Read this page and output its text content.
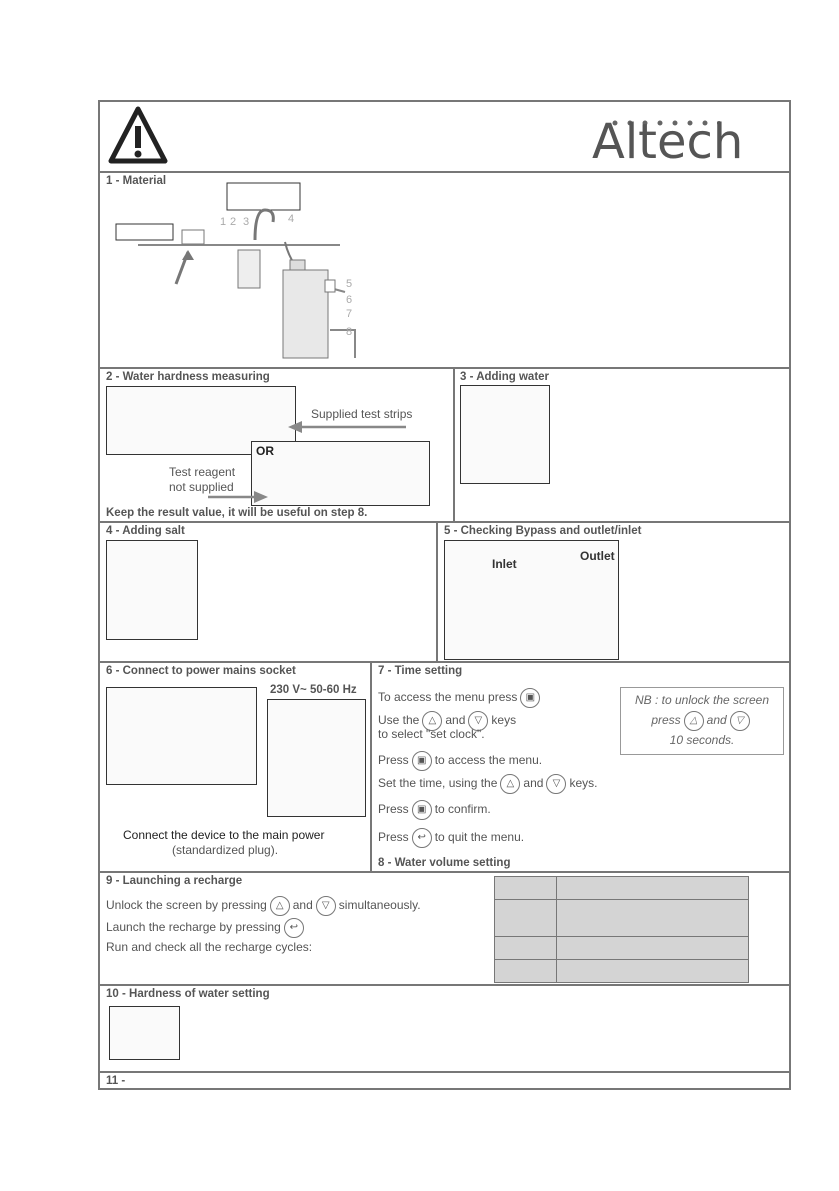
Altech
1 - Material
1 2 3	4
5
6
7
8
2 - Water hardness measuring
Supplied test strips
OR
Test reagent
not supplied
Keep the result value, it will be useful on step 8.
3 - Adding water
4 - Adding salt	5 - Checking Bypass and outlet/inlet
Inlet
Outlet
6 - Connect to power mains socket
230 V~ 50-60 Hz
Connect the device to the main power
(standardized plug).
7 - Time setting
To access the menu press ▣
Use the △ and ▽ keys
to select "set clock".
Press ▣ to access the menu.
Set the time, using the △ and ▽ keys.
Press ▣ to confirm.
Press ↩ to quit the menu.
NB : to unlock the screen
press △ and ▽
10 seconds.
8 - Water volume setting
9 - Launching a recharge
Unlock the screen by pressing △ and ▽ simultaneously.
Launch the recharge by pressing ↩
Run and check all the recharge cycles:

10 - Hardness of water setting
11 -
